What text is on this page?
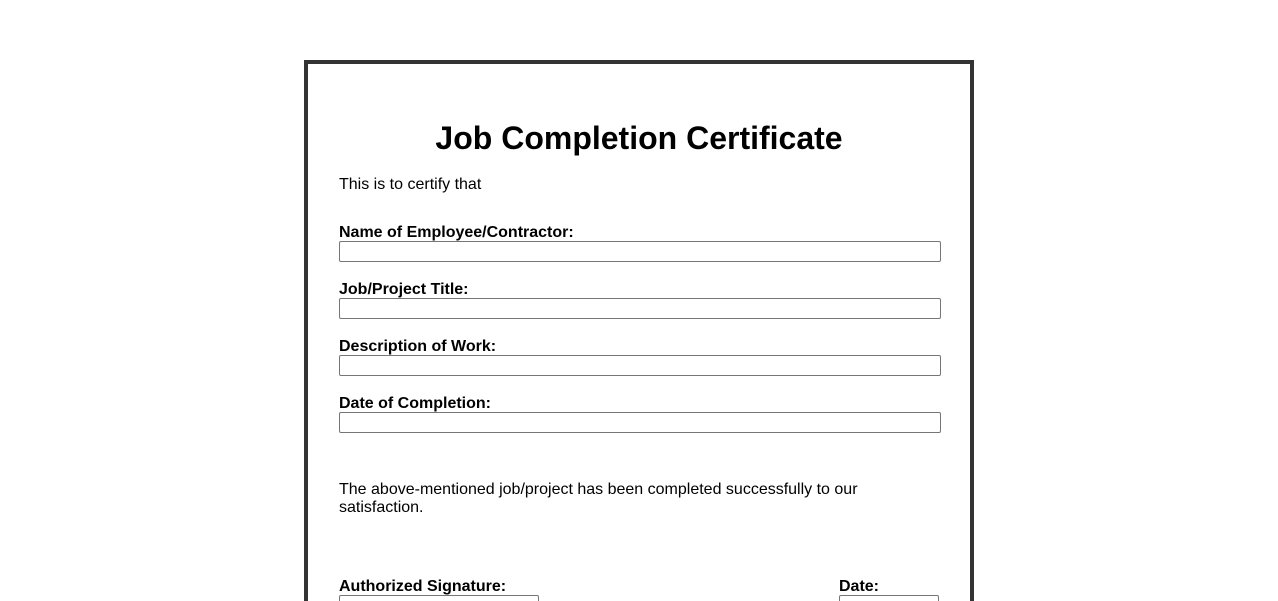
Job Completion Certificate

This is to certify that

Name of Employee/Contractor:
Job/Project Title:
Description of Work:
Date of Completion:

The above-mentioned job/project has been completed successfully to our satisfaction.

Authorized Signature:	Date:
